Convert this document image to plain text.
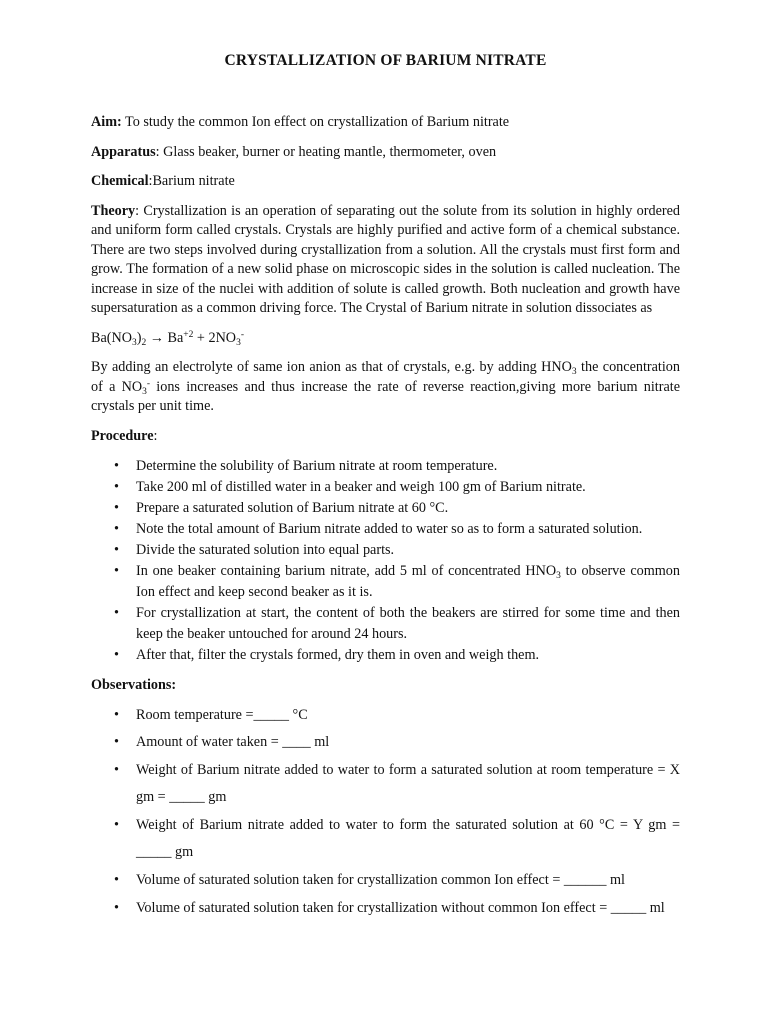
CRYSTALLIZATION OF BARIUM NITRATE

Aim: To study the common Ion effect on crystallization of Barium nitrate

Apparatus: Glass beaker, burner or heating mantle, thermometer, oven

Chemical:Barium nitrate

Theory: Crystallization is an operation of separating out the solute from its solution in highly ordered and uniform form called crystals. Crystals are highly purified and active form of a chemical substance. There are two steps involved during crystallization from a solution. All the crystals must first form and grow. The formation of a new solid phase on microscopic sides in the solution is called nucleation. The increase in size of the nuclei with addition of solute is called growth. Both nucleation and growth have supersaturation as a common driving force. The Crystal of Barium nitrate in solution dissociates as

$Ba(NO_3)_2 \to Ba^{+2} + 2NO_3^-$

By adding an electrolyte of same ion anion as that of crystals, e.g. by adding $HNO_3$ the concentration of a $NO_3^-$ ions increases and thus increase the rate of reverse reaction,giving more barium nitrate crystals per unit time.

Procedure:

• Determine the solubility of Barium nitrate at room temperature.
• Take 200 ml of distilled water in a beaker and weigh 100 gm of Barium nitrate.
• Prepare a saturated solution of Barium nitrate at 60 °C.
• Note the total amount of Barium nitrate added to water so as to form a saturated solution.
• Divide the saturated solution into equal parts.
• In one beaker containing barium nitrate, add 5 ml of concentrated $HNO_3$ to observe common Ion effect and keep second beaker as it is.
• For crystallization at start, the content of both the beakers are stirred for some time and then keep the beaker untouched for around 24 hours.
• After that, filter the crystals formed, dry them in oven and weigh them.

Observations:

• Room temperature =_____ °C
• Amount of water taken = ____ ml
• Weight of Barium nitrate added to water to form a saturated solution at room temperature = X gm = _____ gm
• Weight of Barium nitrate added to water to form the saturated solution at 60 °C = Y gm = _____ gm
• Volume of saturated solution taken for crystallization common Ion effect = ______ ml
• Volume of saturated solution taken for crystallization without common Ion effect = _____ ml
